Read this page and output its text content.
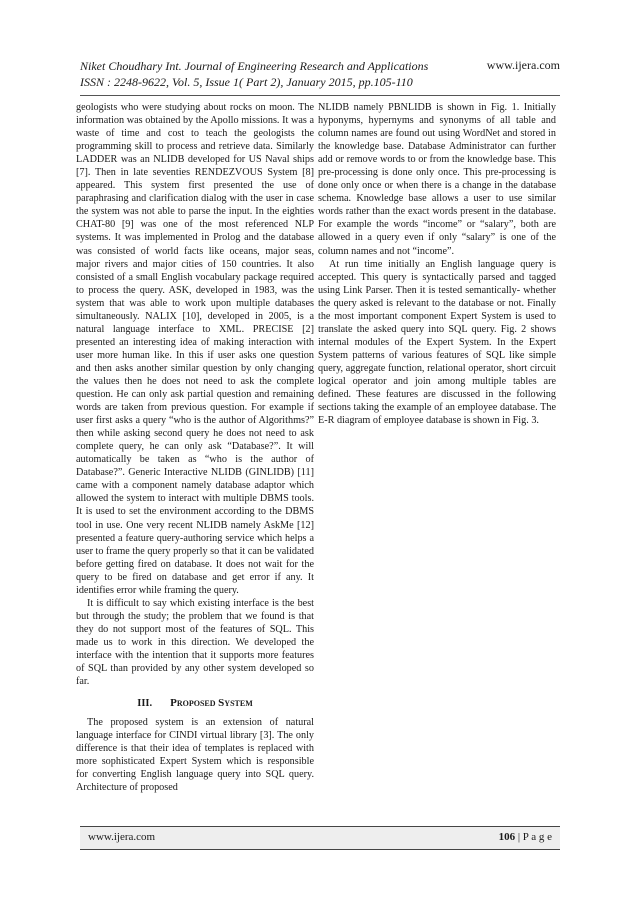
Niket Choudhary Int. Journal of Engineering Research and Applications
ISSN : 2248-9622, Vol. 5, Issue 1( Part 2), January 2015, pp.105-110
www.ijera.com

geologists who were studying about rocks on moon. The information was obtained by the Apollo missions. It was a waste of time and cost to teach the geologists the programming skill to process and retrieve data. Similarly LADDER was an NLIDB developed for US Naval ships [7]. Then in late seventies RENDEZVOUS System [8] appeared. This system first presented the use of paraphrasing and clarification dialog with the user in case the system was not able to parse the input. In the eighties CHAT-80 [9] was one of the most referenced NLP systems. It was implemented in Prolog and the database was consisted of world facts like oceans, major seas, major rivers and major cities of 150 countries. It also consisted of a small English vocabulary package required to process the query. ASK, developed in 1983, was the system that was able to work upon multiple databases simultaneously. NALIX [10], developed in 2005, is a natural language interface to XML. PRECISE [2] presented an interesting idea of making interaction with user more human like. In this if user asks one question and then asks another similar question by only changing the values then he does not need to ask the complete question. He can only ask partial question and remaining words are taken from previous question. For example if user first asks a query “who is the author of Algorithms?” then while asking second query he does not need to ask complete query, he can only ask “Database?”. It will automatically be taken as “who is the author of Database?”. Generic Interactive NLIDB (GINLIDB) [11] came with a component namely database adaptor which allowed the system to interact with multiple DBMS tools. It is used to set the environment according to the DBMS tool in use. One very recent NLIDB namely AskMe [12] presented a feature query-authoring service which helps a user to frame the query properly so that it can be validated before getting fired on database. It does not wait for the query to be fired on database and get error if any. It identifies error while framing the query.

It is difficult to say which existing interface is the best but through the study; the problem that we found is that they do not support most of the features of SQL. This made us to work in this direction. We developed the interface with the intention that it supports more features of SQL than provided by any other system developed so far.

III. PROPOSED SYSTEM

The proposed system is an extension of natural language interface for CINDI virtual library [3]. The only difference is that their idea of templates is replaced with more sophisticated Expert System which is responsible for converting English language query into SQL query. Architecture of proposed

NLIDB namely PBNLIDB is shown in Fig. 1. Initially hyponyms, hypernyms and synonyms of all table and column names are found out using WordNet and stored in the knowledge base. Database Administrator can further add or remove words to or from the knowledge base. This pre-processing is done only once. This pre-processing is done only once or when there is a change in the database schema. Knowledge base allows a user to use similar words rather than the exact words present in the database. For example the words “income” or “salary”, both are allowed in a query even if only “salary” is one of the column names and not “income”.

At run time initially an English language query is accepted. This query is syntactically parsed and tagged using Link Parser. Then it is tested semantically- whether the query asked is relevant to the database or not. Finally the most important component Expert System is used to translate the asked query into SQL query. Fig. 2 shows internal modules of the Expert System. In the Expert System patterns of various features of SQL like simple query, aggregate function, relational operator, short circuit logical operator and join among multiple tables are defined. These features are discussed in the following sections taking the example of an employee database. The E-R diagram of employee database is shown in Fig. 3.

www.ijera.com	106 | P a g e
